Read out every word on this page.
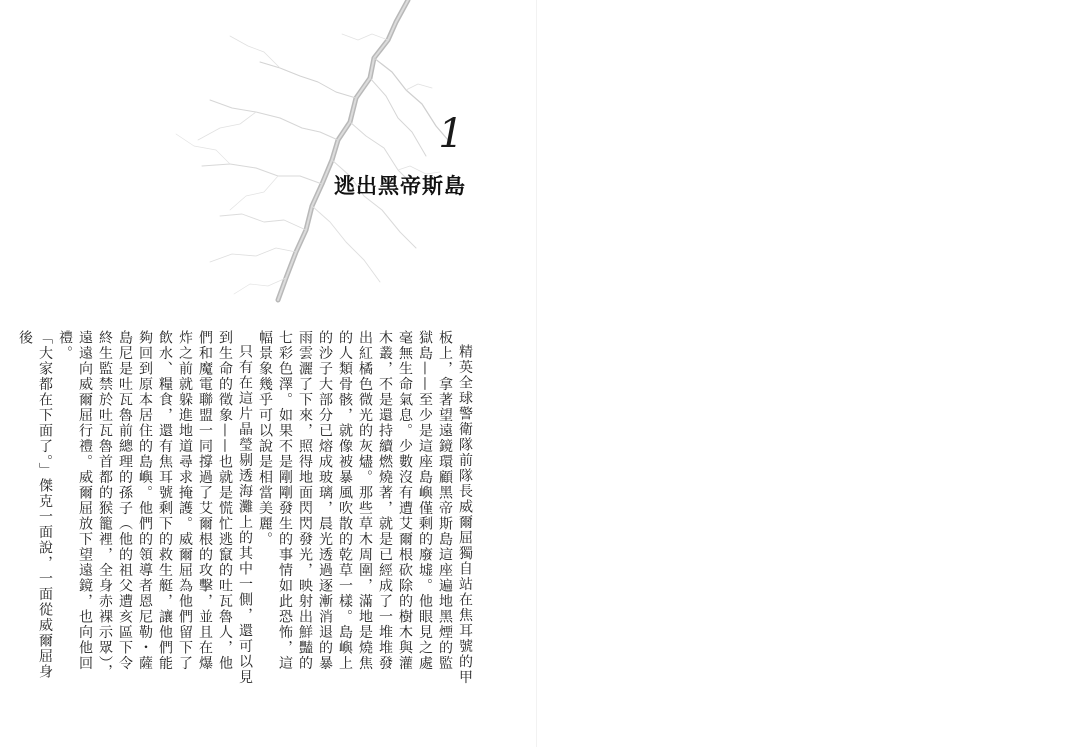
1
逃出黑帝斯島

精英全球警衛隊前隊長威爾屈獨自站在焦耳號的甲板上，拿著望遠鏡環顧黑帝斯島這座遍地黑煙的監獄島——至少是這座島嶼僅剩的廢墟。他眼見之處毫無生命氣息。少數沒有遭艾爾根砍除的樹木與灌木叢，不是還持續燃燒著，就是已經成了一堆堆發出紅橘色微光的灰燼。那些草木周圍，滿地是燒焦的人類骨骸，就像被暴風吹散的乾草一樣。島嶼上的沙子大部分已熔成玻璃，晨光透過逐漸消退的暴雨雲灑了下來，照得地面閃閃發光，映射出鮮豔的七彩色澤。如果不是剛剛發生的事情如此恐怖，這幅景象幾乎可以說是相當美麗。

只有在這片晶瑩剔透海灘上的其中一側，還可以見到生命的徵象——也就是慌忙逃竄的吐瓦魯人，他們和魔電聯盟一同撐過了艾爾根的攻擊，並且在爆炸之前就躲進地道尋求掩護。威爾屈為他們留下了飲水、糧食，還有焦耳號剩下的救生艇，讓他們能夠回到原本居住的島嶼。他們的領導者恩尼勒・薩島尼是吐瓦魯前總理的孫子（他的祖父遭亥區下令終生監禁於吐瓦魯首都的猴籠裡，全身赤裸示眾），遠遠向威爾屈行禮。威爾屈放下望遠鏡，也向他回禮。

「大家都在下面了。」傑克一面說，一面從威爾屈身後
